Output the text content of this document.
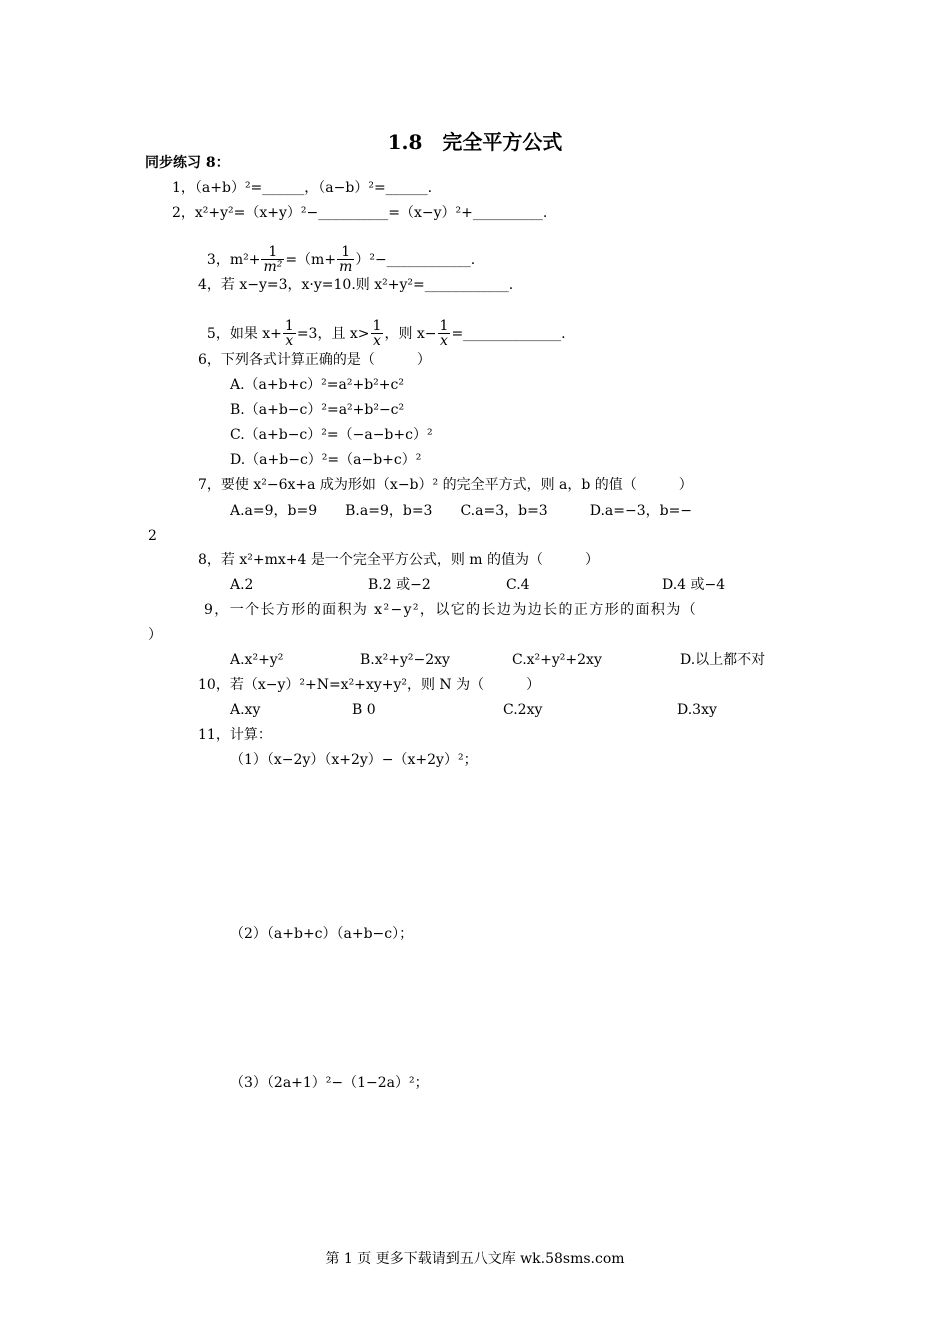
1.8　完全平方公式
同步练习 8：
1，（a+b）²=______，（a−b）²=______.
2，x²+y²=（x+y）²−__________=（x−y）²+__________.

3，$m^2+ \frac{1}{\text{m²}} =(m+ \frac{1}{m}$ ）²−____________.

4，若 x−y=3，x·y=10.则 x²+y²=____________.

5，如果 $x+ \frac{1}{x} =3$，且 $x> \frac{1}{x}$ ，则 $x- \frac{1}{x}$ =______________.

6，下列各式计算正确的是（　　　）
A.（a+b+c）²=a²+b²+c²
B.（a+b−c）²=a²+b²−c²
C.（a+b−c）²=（−a−b+c）²
D.（a+b−c）²=（a−b+c）²
7，要使 x²−6x+a 成为形如（x−b）² 的完全平方式，则 a，b 的值（　　　）
A.a=9，b=9　　B.a=9，b=3　　C.a=3，b=3　　　D.a=−3，b=−
2
8，若 x²+mx+4 是一个完全平方公式，则 m 的值为（　　　）
A.2	B.2 或−2	C.4	D.4 或−4
9，一个长方形的面积为 x²−y²，以它的长边为边长的正方形的面积为（
）
A.x²+y²	B.x²+y²−2xy	C.x²+y²+2xy	D.以上都不对
10，若（x−y）²+N=x²+xy+y²，则 N 为（　　　）
A.xy	B 0	C.2xy	D.3xy
11，计算：
（1）（x−2y）（x+2y）−（x+2y）²；
（2）（a+b+c）（a+b−c）；
（3）（2a+1）²−（1−2a）²；
第 1 页 更多下载请到五八文库 wk.58sms.com
